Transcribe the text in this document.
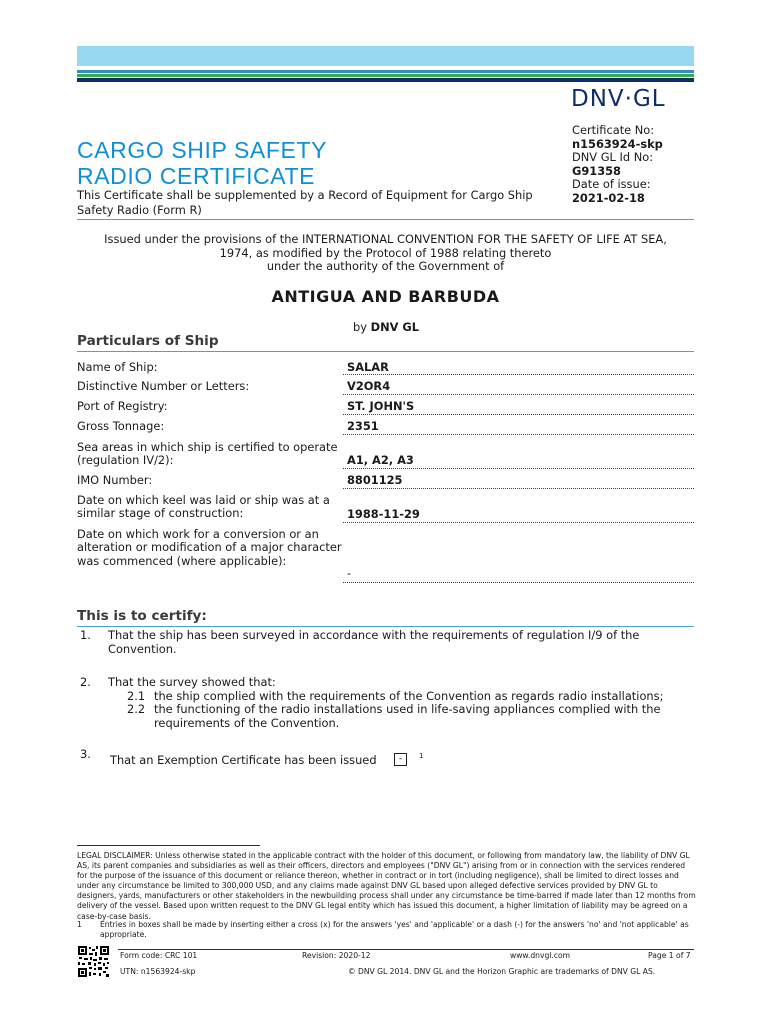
DNV·GL
CARGO SHIP SAFETY
RADIO CERTIFICATE
This Certificate shall be supplemented by a Record of Equipment for Cargo Ship Safety Radio (Form R)
Certificate No:
n1563924-skp
DNV GL Id No:
G91358
Date of issue:
2021-02-18
Issued under the provisions of the INTERNATIONAL CONVENTION FOR THE SAFETY OF LIFE AT SEA,
1974, as modified by the Protocol of 1988 relating thereto
under the authority of the Government of
ANTIGUA AND BARBUDA
by DNV GL
Particulars of Ship
Name of Ship:	SALAR
Distinctive Number or Letters:	V2OR4
Port of Registry:	ST. JOHN'S
Gross Tonnage:	2351
Sea areas in which ship is certified to operate (regulation IV/2):	A1, A2, A3
IMO Number:	8801125
Date on which keel was laid or ship was at a similar stage of construction:	1988-11-29
Date on which work for a conversion or an alteration or modification of a major character was commenced (where applicable):
-
This is to certify:
1. That the ship has been surveyed in accordance with the requirements of regulation I/9 of the Convention.
2. That the survey showed that:
2.1 the ship complied with the requirements of the Convention as regards radio installations;
2.2 the functioning of the radio installations used in life-saving appliances complied with the requirements of the Convention.
3. That an Exemption Certificate has been issued	-	1
LEGAL DISCLAIMER: Unless otherwise stated in the applicable contract with the holder of this document, or following from mandatory law, the liability of DNV GL AS, its parent companies and subsidiaries as well as their officers, directors and employees ("DNV GL") arising from or in connection with the services rendered for the purpose of the issuance of this document or reliance thereon, whether in contract or in tort (including negligence), shall be limited to direct losses and under any circumstance be limited to 300,000 USD, and any claims made against DNV GL based upon alleged defective services provided by DNV GL to designers, yards, manufacturers or other stakeholders in the newbuilding process shall under any circumstance be time-barred if made later than 12 months from delivery of the vessel. Based upon written request to the DNV GL legal entity which has issued this document, a higher limitation of liability may be agreed on a case-by-case basis.
1 Entries in boxes shall be made by inserting either a cross (x) for the answers 'yes' and 'applicable' or a dash (-) for the answers 'no' and 'not applicable' as appropriate.
Form code: CRC 101	Revision: 2020-12	www.dnvgl.com	Page 1 of 7
UTN: n1563924-skp	© DNV GL 2014. DNV GL and the Horizon Graphic are trademarks of DNV GL AS.
